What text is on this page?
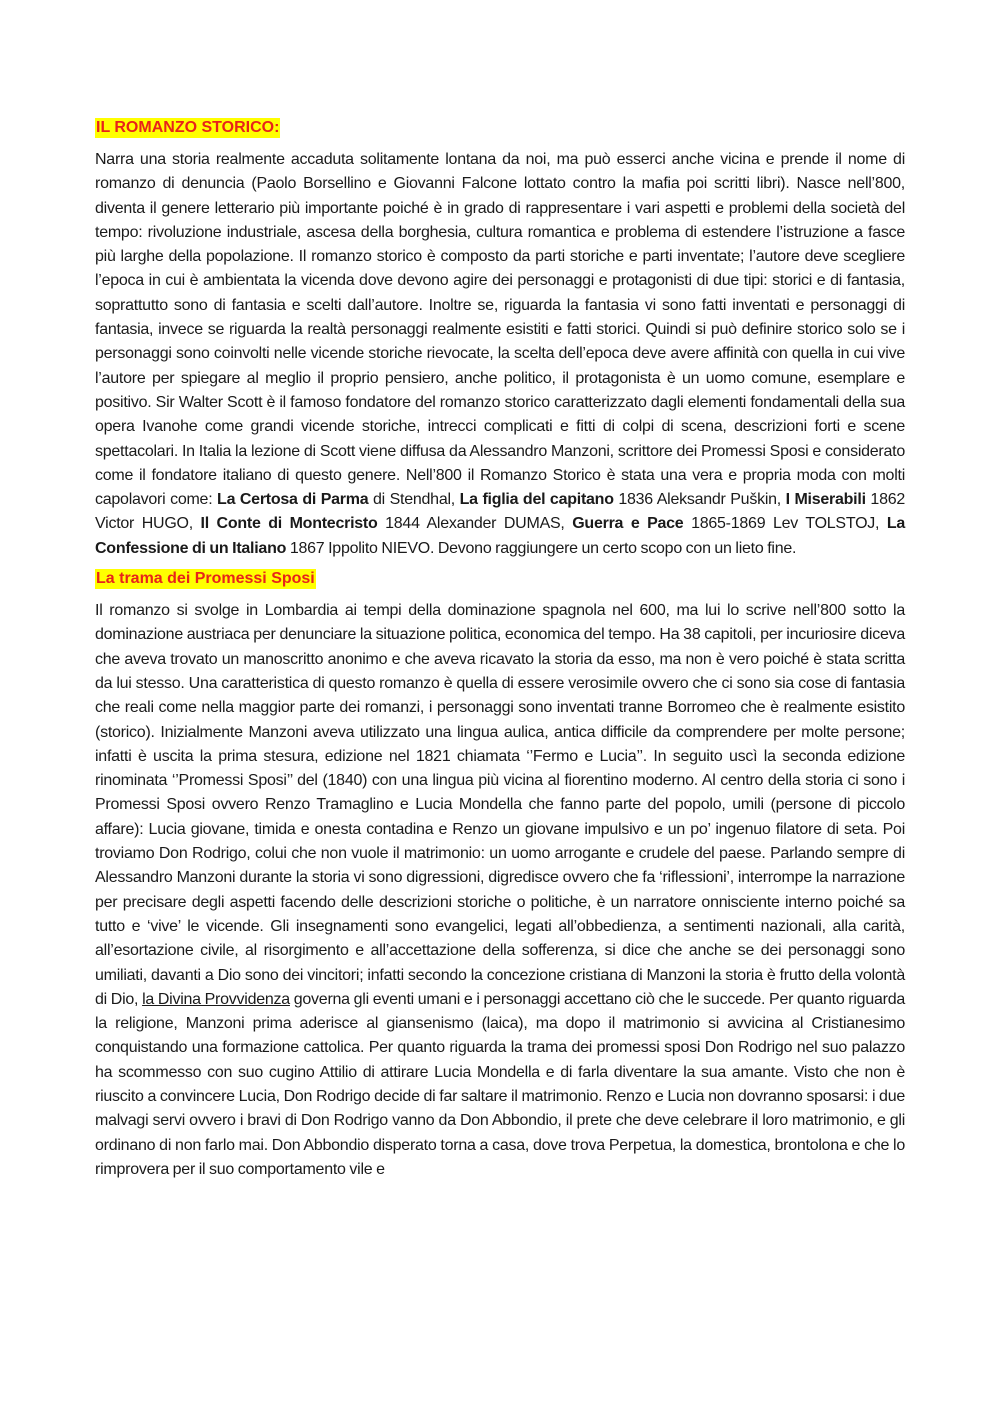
IL ROMANZO STORICO:

Narra una storia realmente accaduta solitamente lontana da noi, ma può esserci anche vicina e prende il nome di romanzo di denuncia (Paolo Borsellino e Giovanni Falcone lottato contro la mafia poi scritti libri). Nasce nell’800, diventa il genere letterario più importante poiché è in grado di rappresentare i vari aspetti e problemi della società del tempo: rivoluzione industriale, ascesa della borghesia, cultura romantica e problema di estendere l’istruzione a fasce più larghe della popolazione. Il romanzo storico è composto da parti storiche e parti inventate; l’autore deve scegliere l’epoca in cui è ambientata la vicenda dove devono agire dei personaggi e protagonisti di due tipi: storici e di fantasia, soprattutto sono di fantasia e scelti dall’autore. Inoltre se, riguarda la fantasia vi sono fatti inventati e personaggi di fantasia, invece se riguarda la realtà personaggi realmente esistiti e fatti storici. Quindi si può definire storico solo se i personaggi sono coinvolti nelle vicende storiche rievocate, la scelta dell’epoca deve avere affinità con quella in cui vive l’autore per spiegare al meglio il proprio pensiero, anche politico, il protagonista è un uomo comune, esemplare e positivo. Sir Walter Scott è il famoso fondatore del romanzo storico caratterizzato dagli elementi fondamentali della sua opera Ivanohe come grandi vicende storiche, intrecci complicati e fitti di colpi di scena, descrizioni forti e scene spettacolari. In Italia la lezione di Scott viene diffusa da Alessandro Manzoni, scrittore dei Promessi Sposi e considerato come il fondatore italiano di questo genere. Nell’800 il Romanzo Storico è stata una vera e propria moda con molti capolavori come: La Certosa di Parma di Stendhal, La figlia del capitano 1836 Aleksandr Puškin, I Miserabili 1862 Victor HUGO, Il Conte di Montecristo 1844 Alexander DUMAS, Guerra e Pace 1865-1869 Lev TOLSTOJ, La Confessione di un Italiano 1867 Ippolito NIEVO. Devono raggiungere un certo scopo con un lieto fine.

La trama dei Promessi Sposi

Il romanzo si svolge in Lombardia ai tempi della dominazione spagnola nel 600, ma lui lo scrive nell’800 sotto la dominazione austriaca per denunciare la situazione politica, economica del tempo. Ha 38 capitoli, per incuriosire diceva che aveva trovato un manoscritto anonimo e che aveva ricavato la storia da esso, ma non è vero poiché è stata scritta da lui stesso. Una caratteristica di questo romanzo è quella di essere verosimile ovvero che ci sono sia cose di fantasia che reali come nella maggior parte dei romanzi, i personaggi sono inventati tranne Borromeo che è realmente esistito (storico). Inizialmente Manzoni aveva utilizzato una lingua aulica, antica difficile da comprendere per molte persone; infatti è uscita la prima stesura, edizione nel 1821 chiamata ‘’Fermo e Lucia’’. In seguito uscì la seconda edizione rinominata ‘’Promessi Sposi’’ del (1840) con una lingua più vicina al fiorentino moderno. Al centro della storia ci sono i Promessi Sposi ovvero Renzo Tramaglino e Lucia Mondella che fanno parte del popolo, umili (persone di piccolo affare): Lucia giovane, timida e onesta contadina e Renzo un giovane impulsivo e un po’ ingenuo filatore di seta. Poi troviamo Don Rodrigo, colui che non vuole il matrimonio: un uomo arrogante e crudele del paese. Parlando sempre di Alessandro Manzoni durante la storia vi sono digressioni, digredisce ovvero che fa ‘riflessioni’, interrompe la narrazione per precisare degli aspetti facendo delle descrizioni storiche o politiche, è un narratore onnisciente interno poiché sa tutto e ‘vive’ le vicende. Gli insegnamenti sono evangelici, legati all’obbedienza, a sentimenti nazionali, alla carità, all’esortazione civile, al risorgimento e all’accettazione della sofferenza, si dice che anche se dei personaggi sono umiliati, davanti a Dio sono dei vincitori; infatti secondo la concezione cristiana di Manzoni la storia è frutto della volontà di Dio, la Divina Provvidenza governa gli eventi umani e i personaggi accettano ciò che le succede. Per quanto riguarda la religione, Manzoni prima aderisce al giansenismo (laica), ma dopo il matrimonio si avvicina al Cristianesimo conquistando una formazione cattolica. Per quanto riguarda la trama dei promessi sposi Don Rodrigo nel suo palazzo ha scommesso con suo cugino Attilio di attirare Lucia Mondella e di farla diventare la sua amante. Visto che non è riuscito a convincere Lucia, Don Rodrigo decide di far saltare il matrimonio. Renzo e Lucia non dovranno sposarsi: i due malvagi servi ovvero i bravi di Don Rodrigo vanno da Don Abbondio, il prete che deve celebrare il loro matrimonio, e gli ordinano di non farlo mai. Don Abbondio disperato torna a casa, dove trova Perpetua, la domestica, brontolona e che lo rimprovera per il suo comportamento vile e
